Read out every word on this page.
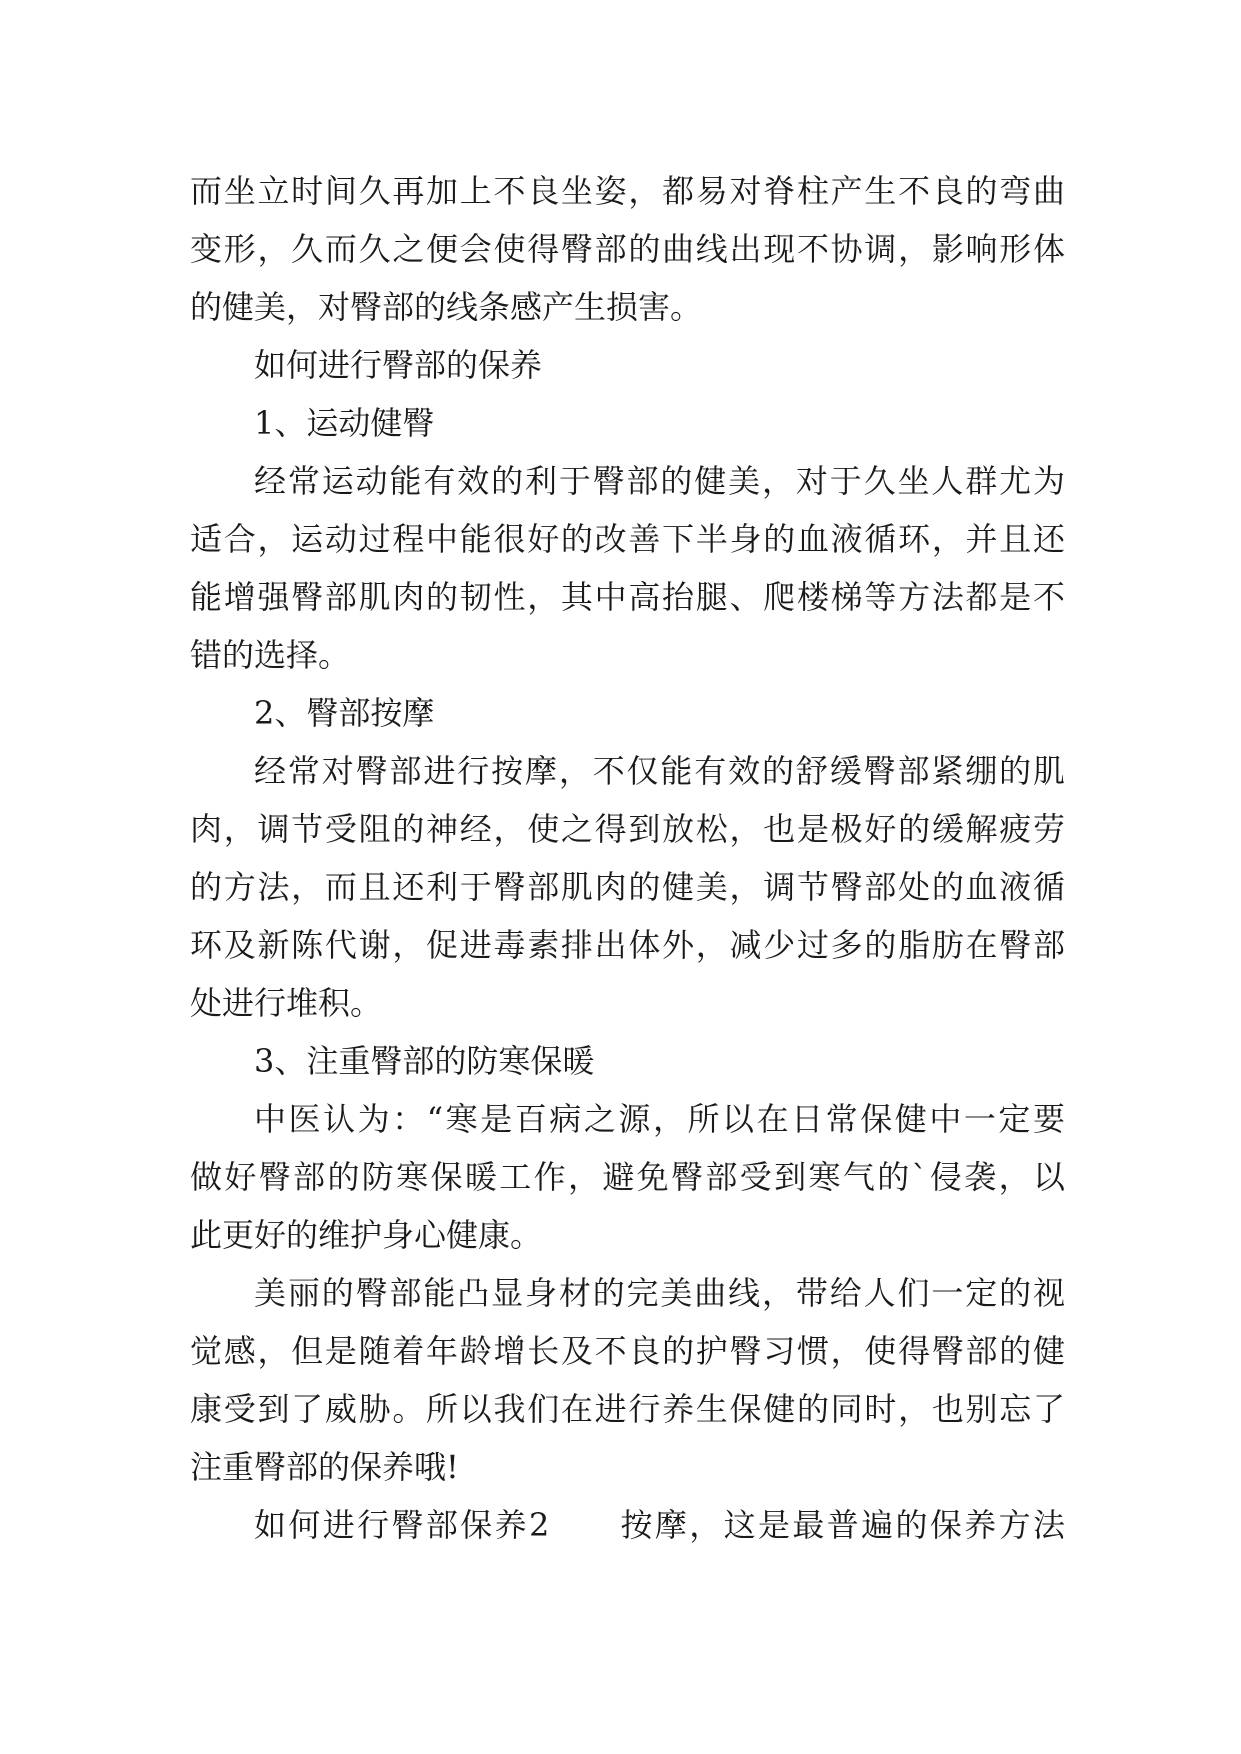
而坐立时间久再加上不良坐姿，都易对脊柱产生不良的弯曲

变形，久而久之便会使得臀部的曲线出现不协调，影响形体

的健美，对臀部的线条感产生损害。

如何进行臀部的保养

1、运动健臀

经常运动能有效的利于臀部的健美，对于久坐人群尤为

适合，运动过程中能很好的改善下半身的血液循环，并且还

能增强臀部肌肉的韧性，其中高抬腿、爬楼梯等方法都是不

错的选择。

2、臀部按摩

经常对臀部进行按摩，不仅能有效的舒缓臀部紧绷的肌

肉，调节受阻的神经，使之得到放松，也是极好的缓解疲劳

的方法，而且还利于臀部肌肉的健美，调节臀部处的血液循

环及新陈代谢，促进毒素排出体外，减少过多的脂肪在臀部

处进行堆积。

3、注重臀部的防寒保暖

中医认为：“寒是百病之源，所以在日常保健中一定要

做好臀部的防寒保暖工作，避免臀部受到寒气的`侵袭，以

此更好的维护身心健康。

美丽的臀部能凸显身材的完美曲线，带给人们一定的视

觉感，但是随着年龄增长及不良的护臀习惯，使得臀部的健

康受到了威胁。所以我们在进行养生保健的同时，也别忘了

注重臀部的保养哦!

如何进行臀部保养2　　按摩，这是最普遍的保养方法
